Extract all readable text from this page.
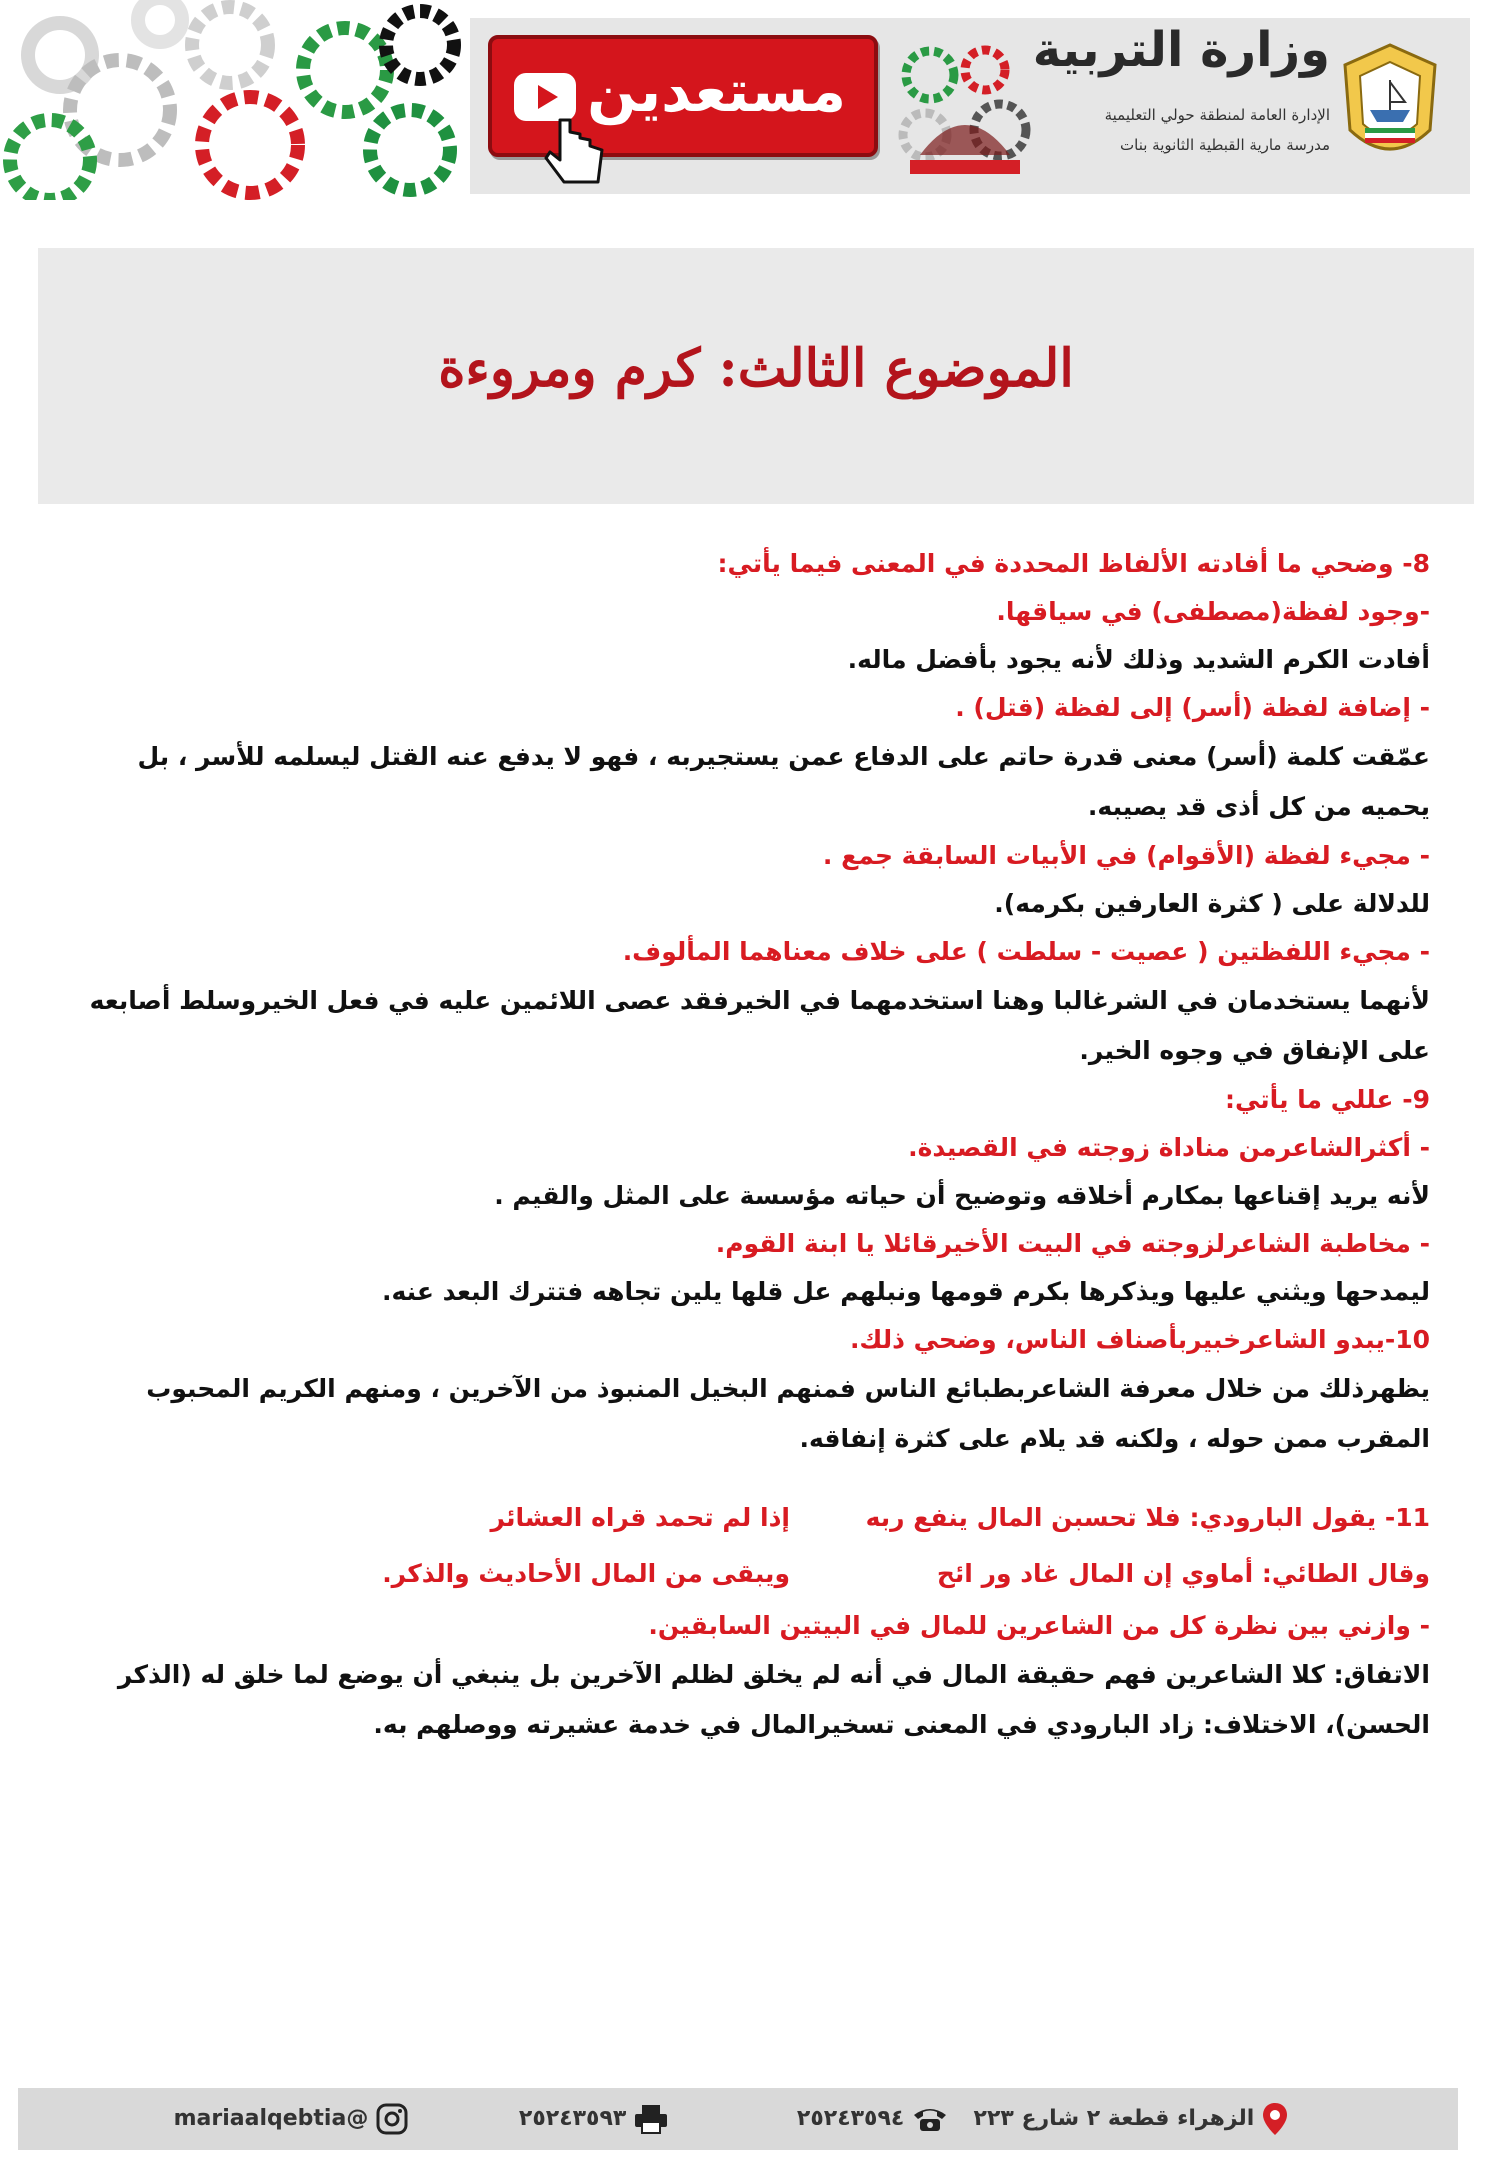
مستعدين
وزارة التربية
الإدارة العامة لمنطقة حولي التعليمية
مدرسة مارية القبطية الثانوية بنات
الموضوع الثالث: كرم ومروءة
8- وضحي ما أفادته الألفاظ المحددة في المعنى فيما يأتي:
-وجود لفظة(مصطفى) في سياقها.
أفادت الكرم الشديد وذلك لأنه يجود بأفضل ماله.
- إضافة لفظة (أسر) إلى لفظة (قتل) .
عمّقت كلمة (أسر) معنى قدرة حاتم على الدفاع عمن يستجيربه ، فهو لا يدفع عنه القتل ليسلمه للأسر ، بل يحميه من كل أذى قد يصيبه.
- مجيء لفظة (الأقوام) في الأبيات السابقة جمع .
للدلالة على ( كثرة العارفين بكرمه).
- مجيء اللفظتين ( عصيت - سلطت ) على خلاف معناهما المألوف.
لأنهما يستخدمان في الشرغالبا وهنا استخدمهما في الخيرفقد عصى اللائمين عليه في فعل الخيروسلط أصابعه على الإنفاق في وجوه الخير.
9- عللي ما يأتي:
- أكثرالشاعرمن مناداة زوجته في القصيدة.
لأنه يريد إقناعها بمكارم أخلاقه وتوضيح أن حياته مؤسسة على المثل والقيم .
- مخاطبة الشاعرلزوجته في البيت الأخيرقائلا يا ابنة القوم.
ليمدحها ويثني عليها ويذكرها بكرم قومها ونبلهم عل قلها يلين تجاهه فتترك البعد عنه.
10-يبدو الشاعرخبيربأصناف الناس، وضحي ذلك.
يظهرذلك من خلال معرفة الشاعربطبائع الناس فمنهم البخيل المنبوذ من الآخرين ، ومنهم الكريم المحبوب المقرب ممن حوله ، ولكنه قد يلام على كثرة إنفاقه.
11- يقول البارودي: فلا تحسبن المال ينفع ربه
إذا لم تحمد قراه العشائر
وقال الطائي: أماوي إن المال غاد ور ائح
ويبقى من المال الأحاديث والذكر.
- وازني بين نظرة كل من الشاعرين للمال في البيتين السابقين.
الاتفاق: كلا الشاعرين فهم حقيقة المال في أنه لم يخلق لظلم الآخرين بل ينبغي أن يوضع لما خلق له (الذكر الحسن)، الاختلاف: زاد البارودي في المعنى تسخيرالمال في خدمة عشيرته ووصلهم به.
الزهراء قطعة ٢ شارع ٢٢٣
٢٥٢٤٣٥٩٤
٢٥٢٤٣٥٩٣
@mariaalqebtia
